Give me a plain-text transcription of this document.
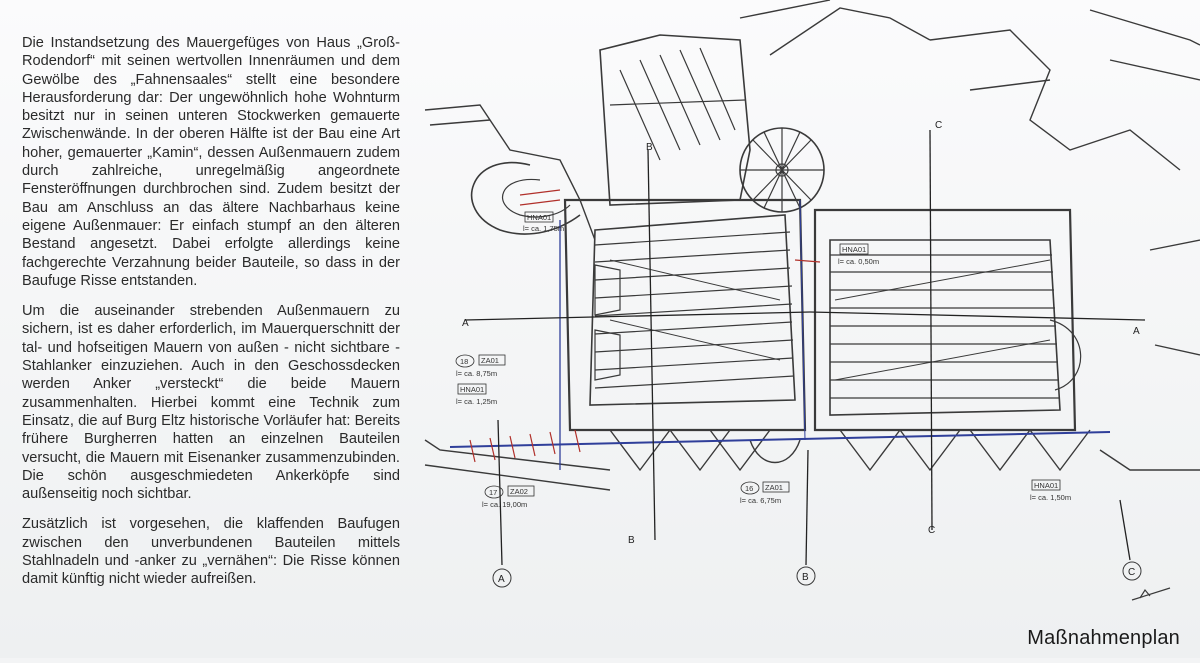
Die Instandsetzung des Mauergefüges von Haus „Groß-Rodendorf“ mit seinen wertvollen Innenräumen und dem Gewölbe des „Fahnensaales“ stellt eine besondere Herausforderung dar: Der ungewöhnlich hohe Wohnturm besitzt nur in seinen unteren Stockwerken gemauerte Zwischenwände. In der oberen Hälfte ist der Bau eine Art hoher, gemauerter „Kamin“, dessen Außenmauern zudem durch zahlreiche, unregelmäßig angeordnete Fensteröffnungen durchbrochen sind. Zudem besitzt der Bau am Anschluss an das ältere Nachbarhaus keine eigene Außenmauer: Er einfach stumpf an den älteren Bestand angesetzt. Dabei erfolgte allerdings keine fachgerechte Verzahnung beider Bauteile, so dass in der Baufuge Risse entstanden.

Um die auseinander strebenden Außenmauern zu sichern, ist es daher erforderlich, im Mauerquerschnitt der tal- und hofseitigen Mauern von außen - nicht sichtbare - Stahlanker einzuziehen. Auch in den Geschossdecken werden Anker „versteckt“ die beide Mauern zusammenhalten. Hierbei kommt eine Technik zum Einsatz, die auf Burg Eltz historische Vorläufer hat: Bereits frühere Burgherren hatten an einzelnen Bauteilen versucht, die Mauern mit Eisenanker zusammenzubinden. Die schön ausgeschmiedeten Ankerköpfe sind außenseitig noch sichtbar.

Zusätzlich ist vorgesehen, die klaffenden Baufugen zwischen den unverbundenen Bauteilen mittels Stahlnadeln und -anker zu „vernähen“: Die Risse können damit künftig nicht wieder aufreißen.

HNA01
l= ca. 1,75m
HNA01
l= ca. 0,50m
18 ZA01
l= ca. 8,75m
HNA01
l= ca. 1,25m
17 ZA02
l= ca. 19,00m
16 ZA01
l= ca. 6,75m
HNA01
l= ca. 1,50m
A
A
B
B
C
C
A	B	C
Maßnahmenplan
